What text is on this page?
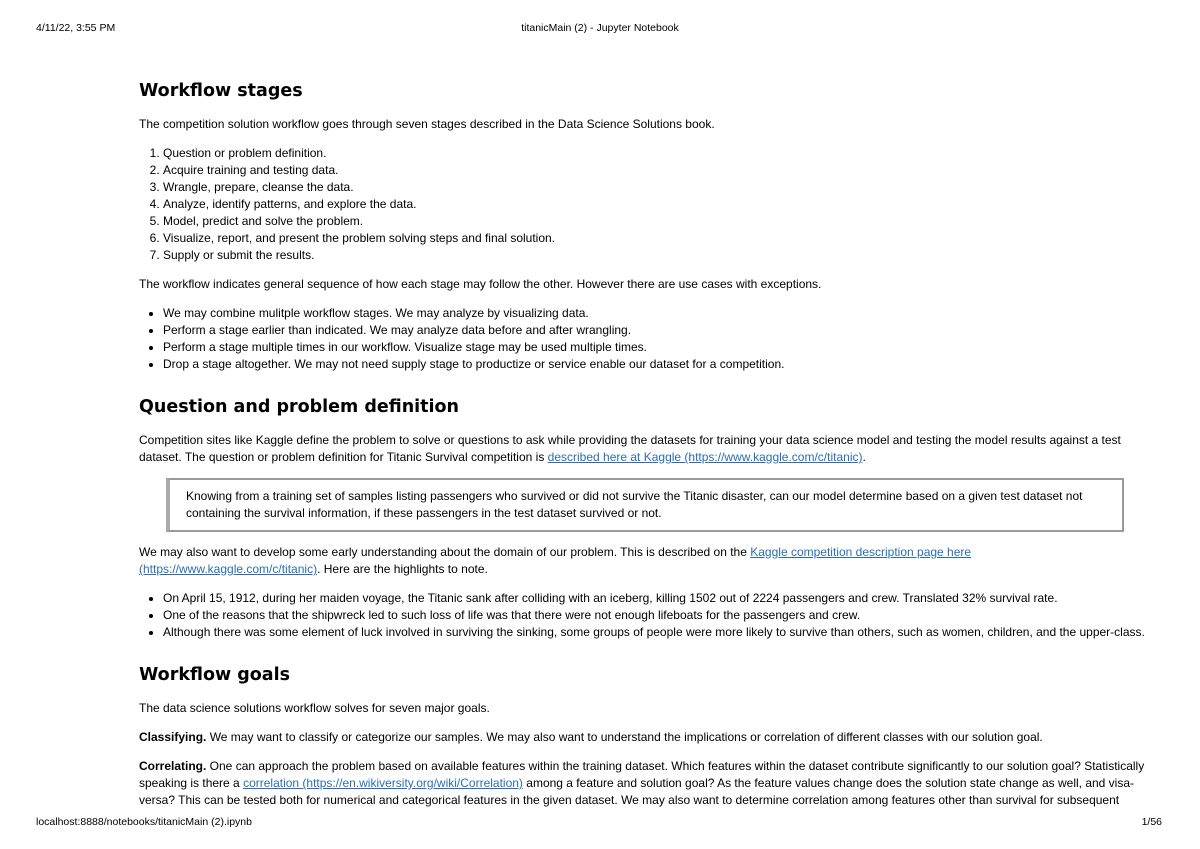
4/11/22, 3:55 PM	titanicMain (2) - Jupyter Notebook
Workflow stages

The competition solution workflow goes through seven stages described in the Data Science Solutions book.

1. Question or problem definition.
2. Acquire training and testing data.
3. Wrangle, prepare, cleanse the data.
4. Analyze, identify patterns, and explore the data.
5. Model, predict and solve the problem.
6. Visualize, report, and present the problem solving steps and final solution.
7. Supply or submit the results.

The workflow indicates general sequence of how each stage may follow the other. However there are use cases with exceptions.

• We may combine mulitple workflow stages. We may analyze by visualizing data.
• Perform a stage earlier than indicated. We may analyze data before and after wrangling.
• Perform a stage multiple times in our workflow. Visualize stage may be used multiple times.
• Drop a stage altogether. We may not need supply stage to productize or service enable our dataset for a competition.
Question and problem definition

Competition sites like Kaggle define the problem to solve or questions to ask while providing the datasets for training your data science model and testing the model results against a test dataset. The question or problem definition for Titanic Survival competition is described here at Kaggle (https://www.kaggle.com/c/titanic).

Knowing from a training set of samples listing passengers who survived or did not survive the Titanic disaster, can our model determine based on a given test dataset not containing the survival information, if these passengers in the test dataset survived or not.

We may also want to develop some early understanding about the domain of our problem. This is described on the Kaggle competition description page here (https://www.kaggle.com/c/titanic). Here are the highlights to note.

• On April 15, 1912, during her maiden voyage, the Titanic sank after colliding with an iceberg, killing 1502 out of 2224 passengers and crew. Translated 32% survival rate.
• One of the reasons that the shipwreck led to such loss of life was that there were not enough lifeboats for the passengers and crew.
• Although there was some element of luck involved in surviving the sinking, some groups of people were more likely to survive than others, such as women, children, and the upper-class.
Workflow goals

The data science solutions workflow solves for seven major goals.

Classifying. We may want to classify or categorize our samples. We may also want to understand the implications or correlation of different classes with our solution goal.

Correlating. One can approach the problem based on available features within the training dataset. Which features within the dataset contribute significantly to our solution goal? Statistically speaking is there a correlation (https://en.wikiversity.org/wiki/Correlation) among a feature and solution goal? As the feature values change does the solution state change as well, and visa-versa? This can be tested both for numerical and categorical features in the given dataset. We may also want to determine correlation among features other than survival for subsequent

localhost:8888/notebooks/titanicMain (2).ipynb	1/56
